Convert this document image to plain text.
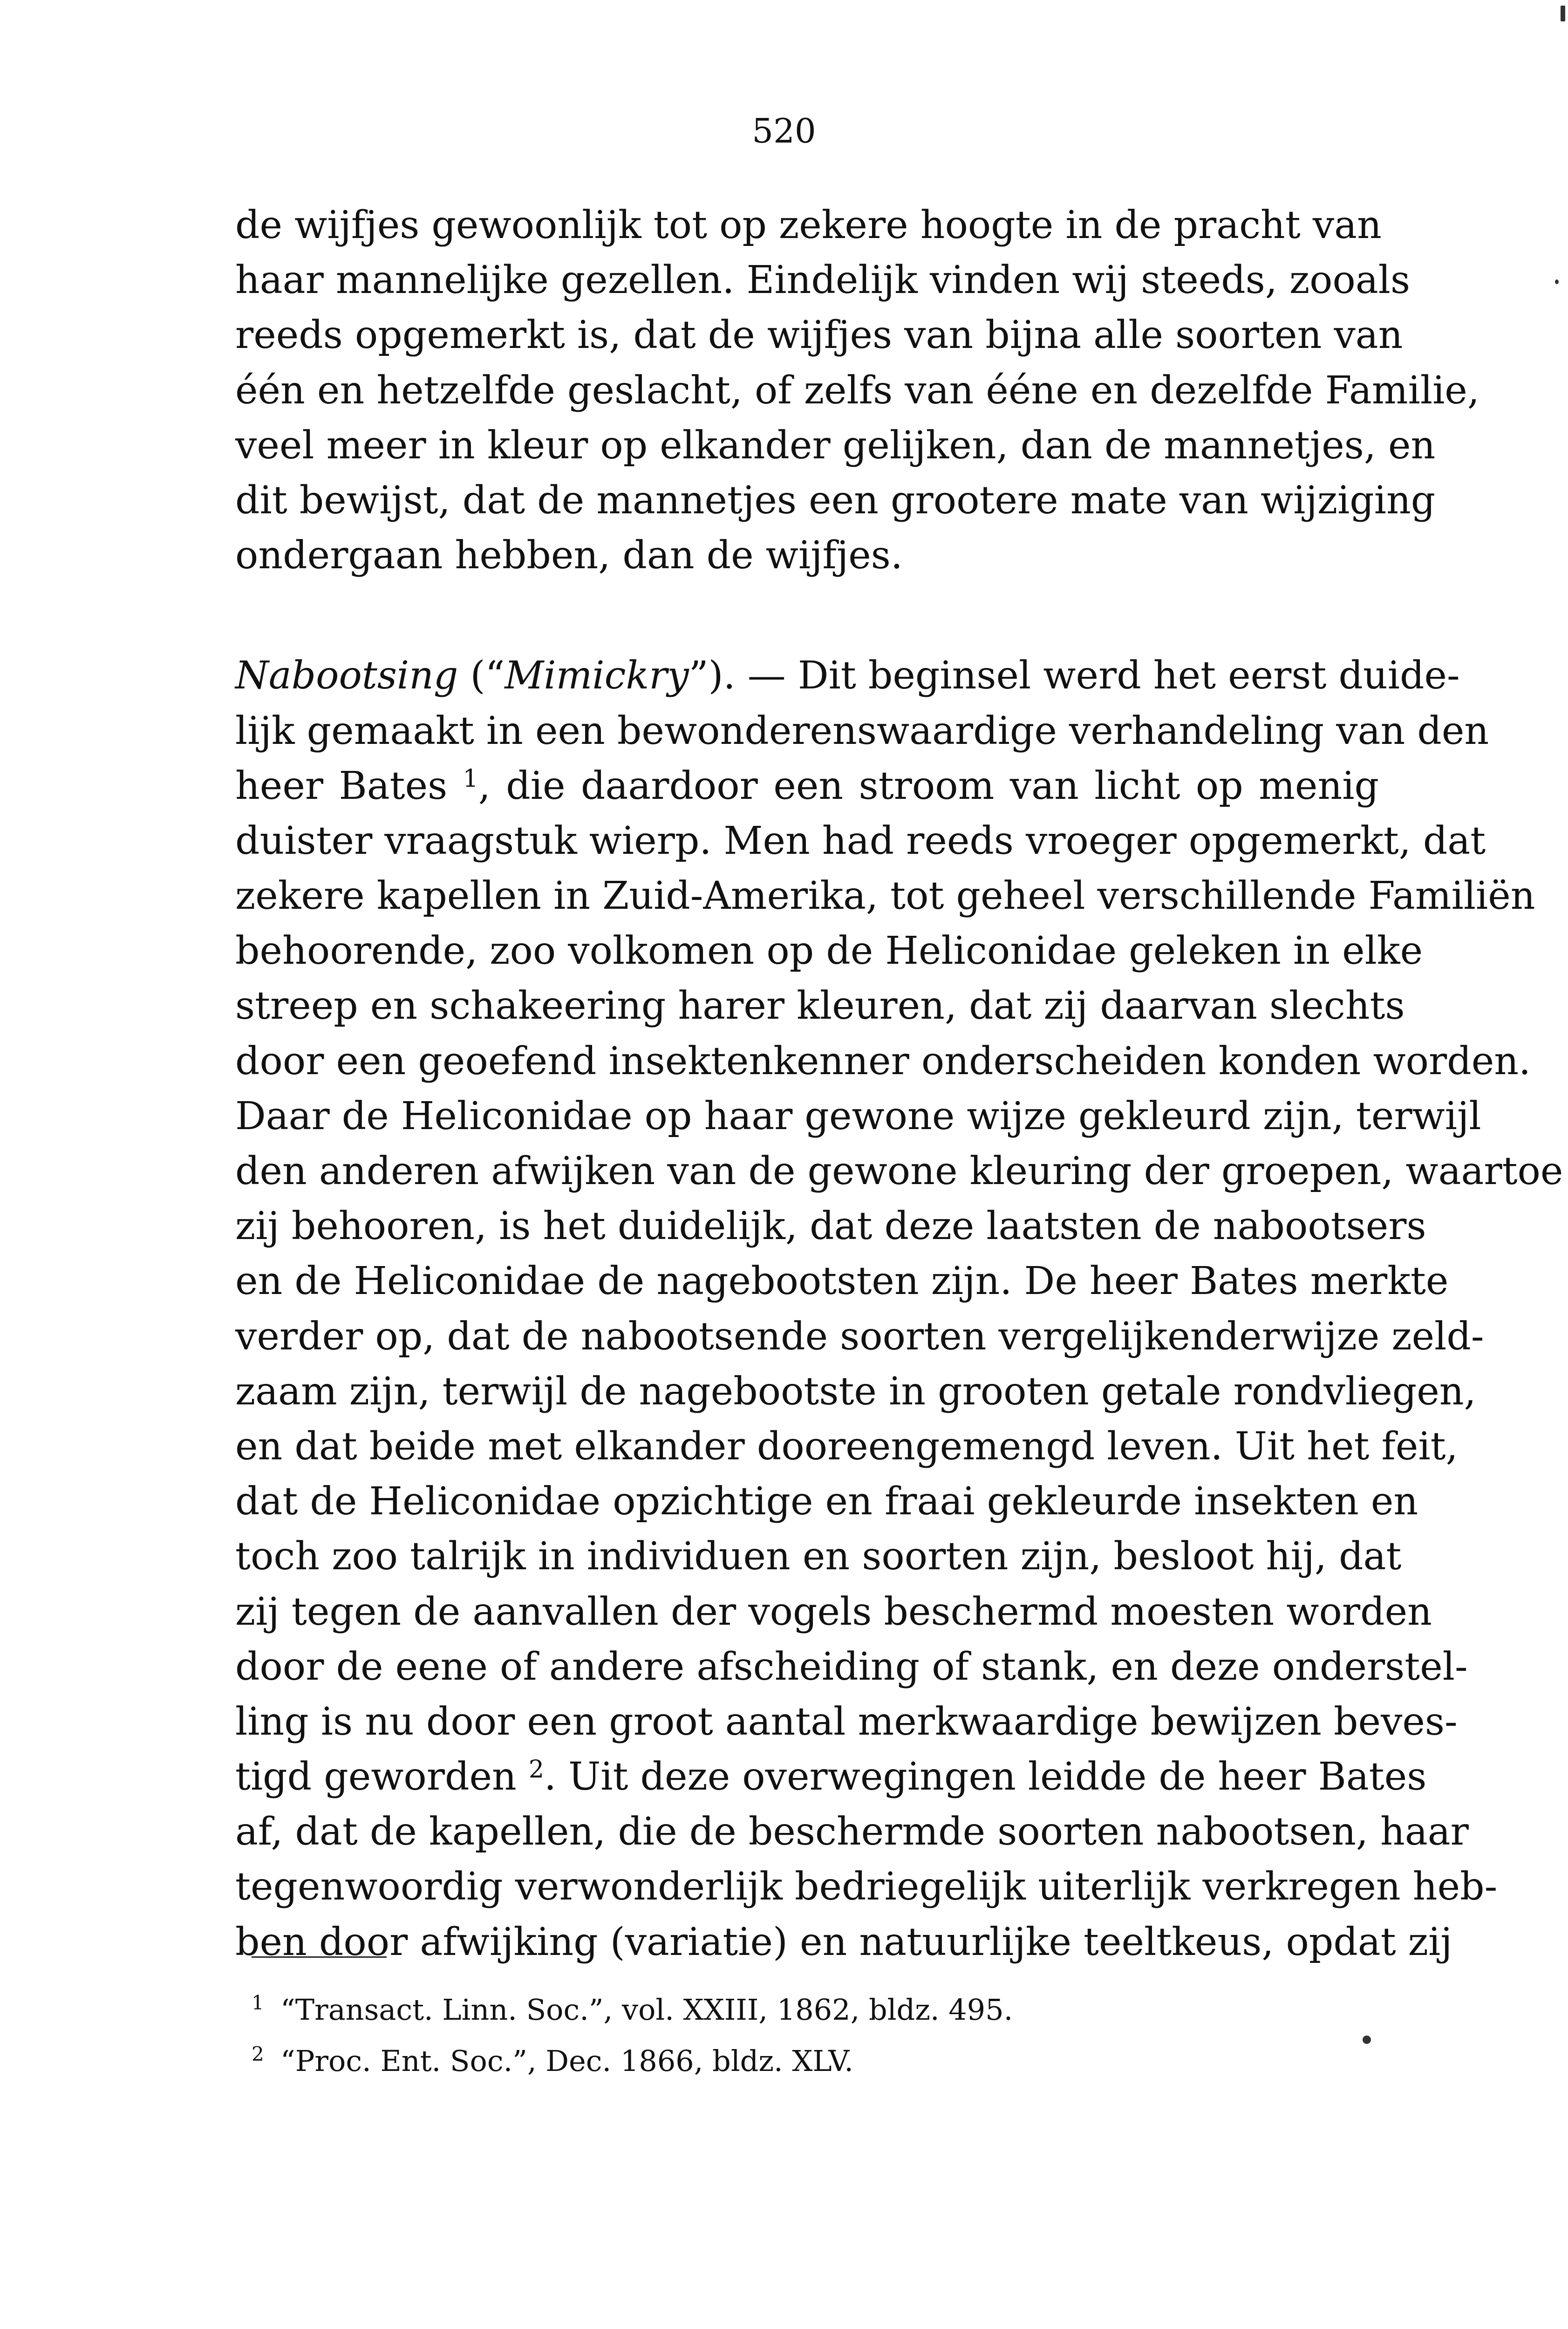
520
de wijfjes gewoonlijk tot op zekere hoogte in de pracht van
haar mannelijke gezellen. Eindelijk vinden wij steeds, zooals
reeds opgemerkt is, dat de wijfjes van bijna alle soorten van
één en hetzelfde geslacht, of zelfs van ééne en dezelfde Familie,
veel meer in kleur op elkander gelijken, dan de mannetjes, en
dit bewijst, dat de mannetjes een grootere mate van wijziging
ondergaan hebben, dan de wijfjes.
Nabootsing (“Mimickry”). — Dit beginsel werd het eerst duide-
lijk gemaakt in een bewonderenswaardige verhandeling van den
heer Bates $^1$, die daardoor een stroom van licht op menig
duister vraagstuk wierp. Men had reeds vroeger opgemerkt, dat
zekere kapellen in Zuid-Amerika, tot geheel verschillende Familiën
behoorende, zoo volkomen op de Heliconidae geleken in elke
streep en schakeering harer kleuren, dat zij daarvan slechts
door een geoefend insektenkenner onderscheiden konden worden.
Daar de Heliconidae op haar gewone wijze gekleurd zijn, terwijl
den anderen afwijken van de gewone kleuring der groepen, waartoe
zij behooren, is het duidelijk, dat deze laatsten de nabootsers
en de Heliconidae de nagebootsten zijn. De heer Bates merkte
verder op, dat de nabootsende soorten vergelijkenderwijze zeld-
zaam zijn, terwijl de nagebootste in grooten getale rondvliegen,
en dat beide met elkander dooreengemengd leven. Uit het feit,
dat de Heliconidae opzichtige en fraai gekleurde insekten en
toch zoo talrijk in individuen en soorten zijn, besloot hij, dat
zij tegen de aanvallen der vogels beschermd moesten worden
door de eene of andere afscheiding of stank, en deze onderstel-
ling is nu door een groot aantal merkwaardige bewijzen beves-
tigd geworden $^2$. Uit deze overwegingen leidde de heer Bates
af, dat de kapellen, die de beschermde soorten nabootsen, haar
tegenwoordig verwonderlijk bedriegelijk uiterlijk verkregen heb-
ben door afwijking (variatie) en natuurlijke teeltkeus, opdat zij
1 “Transact. Linn. Soc.”, vol. XXIII, 1862, bldz. 495.
2 “Proc. Ent. Soc.”, Dec. 1866, bldz. XLV.
